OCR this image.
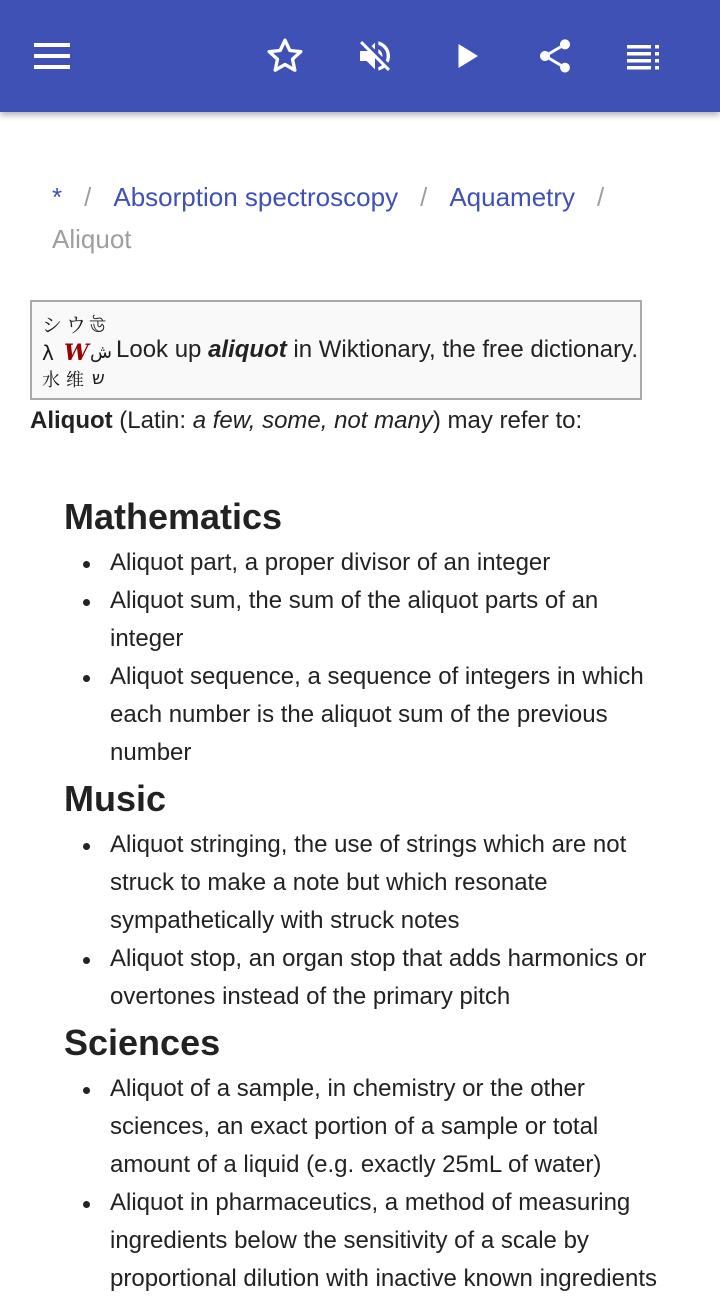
* / Absorption spectroscopy / Aquametry /
Aliquot
シ ウ ঊ
λ W ش
水 维 ש
Look up aliquot in Wiktionary, the free dictionary.
Aliquot (Latin: a few, some, not many) may refer to:
Mathematics
Aliquot part, a proper divisor of an integer
Aliquot sum, the sum of the aliquot parts of an integer
Aliquot sequence, a sequence of integers in which each number is the aliquot sum of the previous number
Music
Aliquot stringing, the use of strings which are not struck to make a note but which resonate sympathetically with struck notes
Aliquot stop, an organ stop that adds harmonics or overtones instead of the primary pitch
Sciences
Aliquot of a sample, in chemistry or the other sciences, an exact portion of a sample or total amount of a liquid (e.g. exactly 25mL of water)
Aliquot in pharmaceutics, a method of measuring ingredients below the sensitivity of a scale by proportional dilution with inactive known ingredients
